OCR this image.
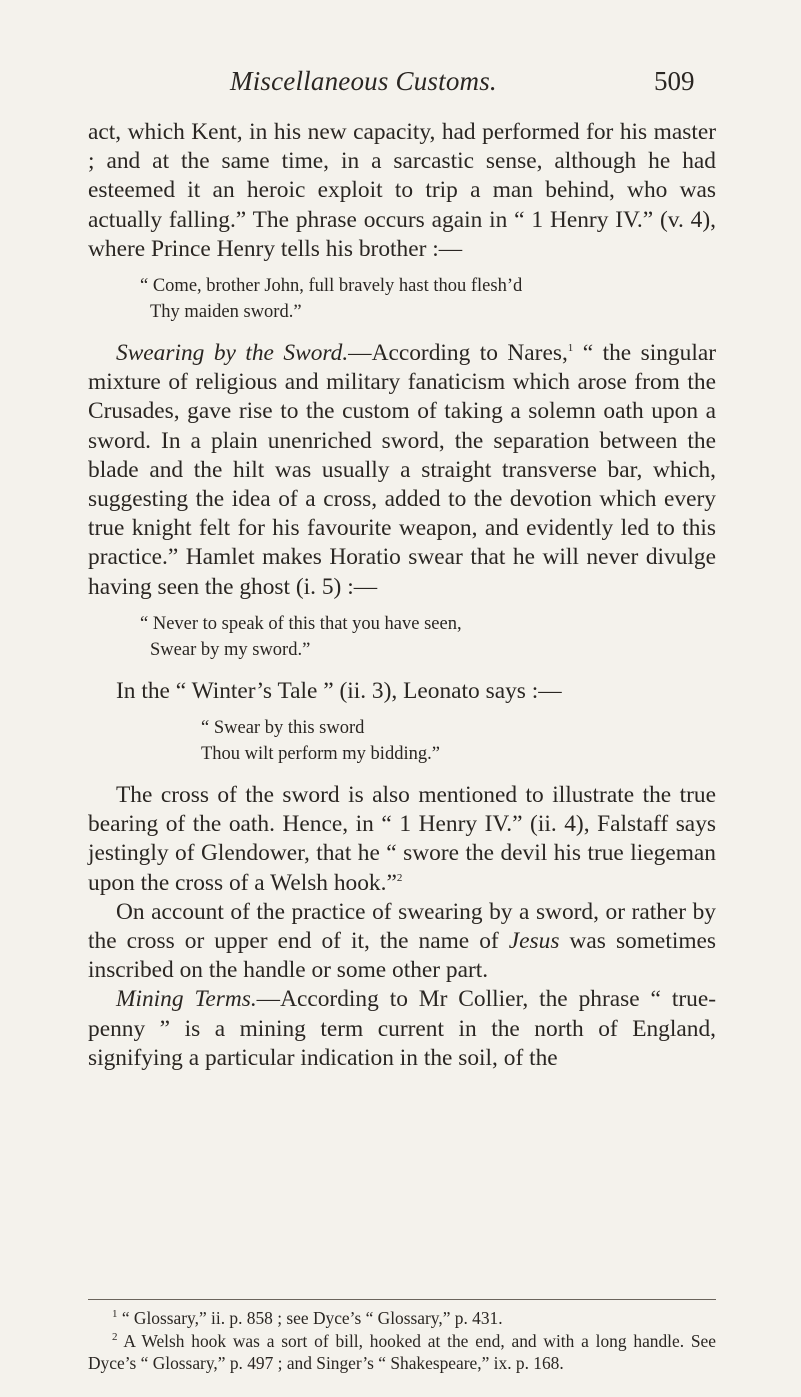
Miscellaneous Customs.	509

act, which Kent, in his new capacity, had performed for his master ; and at the same time, in a sarcastic sense, although he had esteemed it an heroic exploit to trip a man behind, who was actually falling.” The phrase occurs again in “ 1 Henry IV.” (v. 4), where Prince Henry tells his brother :—

“ Come, brother John, full bravely hast thou flesh’d
Thy maiden sword.”

Swearing by the Sword.—According to Nares,$^1$ “ the singular mixture of religious and military fanaticism which arose from the Crusades, gave rise to the custom of taking a solemn oath upon a sword. In a plain unenriched sword, the separation between the blade and the hilt was usually a straight transverse bar, which, suggesting the idea of a cross, added to the devotion which every true knight felt for his favourite weapon, and evidently led to this practice.” Hamlet makes Horatio swear that he will never divulge having seen the ghost (i. 5) :—

“ Never to speak of this that you have seen,
Swear by my sword.”

In the “ Winter’s Tale ” (ii. 3), Leonato says :—

“ Swear by this sword
Thou wilt perform my bidding.”

The cross of the sword is also mentioned to illustrate the true bearing of the oath. Hence, in “ 1 Henry IV.” (ii. 4), Falstaff says jestingly of Glendower, that he “ swore the devil his true liegeman upon the cross of a Welsh hook.”$^2$

On account of the practice of swearing by a sword, or rather by the cross or upper end of it, the name of Jesus was sometimes inscribed on the handle or some other part.

Mining Terms.—According to Mr Collier, the phrase “ true-penny ” is a mining term current in the north of England, signifying a particular indication in the soil, of the

$^1$ “ Glossary,” ii. p. 858 ; see Dyce’s “ Glossary,” p. 431.

$^2$ A Welsh hook was a sort of bill, hooked at the end, and with a long handle. See Dyce’s “ Glossary,” p. 497 ; and Singer’s “ Shakespeare,” ix. p. 168.
